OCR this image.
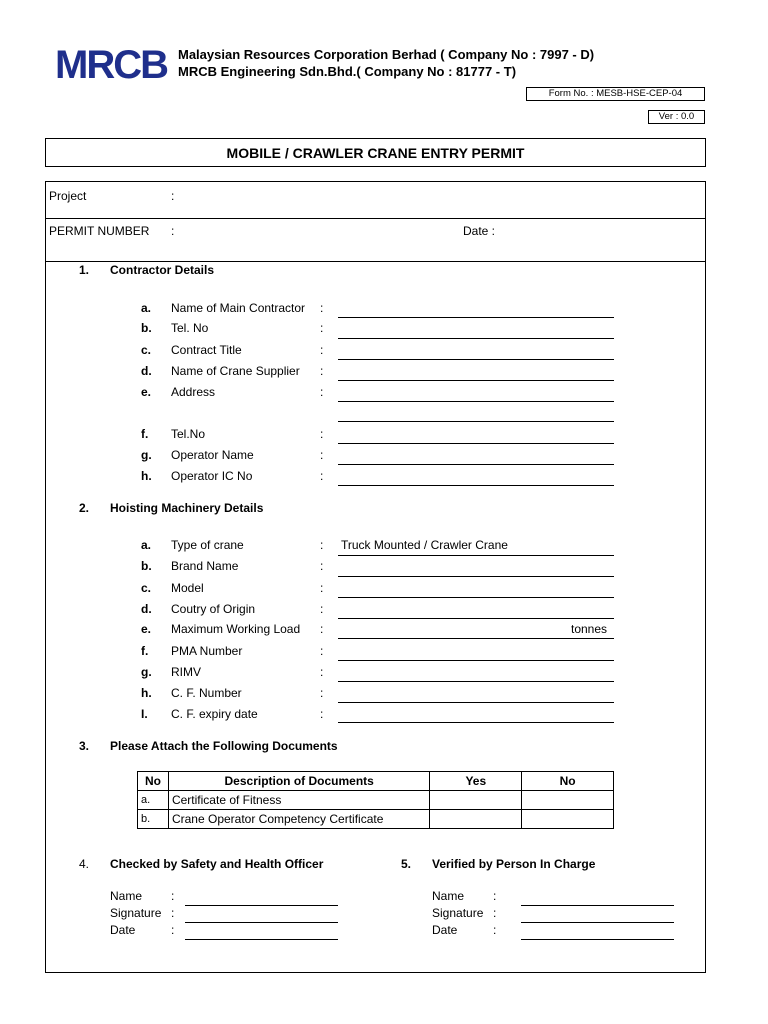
MRCB Malaysian Resources Corporation Berhad ( Company No : 7997 - D)
MRCB Engineering Sdn.Bhd.( Company No : 81777 - T)
Form No. : MESB-HSE-CEP-04
Ver : 0.0
MOBILE / CRAWLER CRANE ENTRY PERMIT
Project	:
PERMIT NUMBER :	Date :
1. Contractor Details
a. Name of Main Contractor	:
b. Tel. No	:
c. Contract Title	:
d. Name of Crane Supplier	:
e. Address	:
f. Tel.No	:
g. Operator Name	:
h. Operator IC No	:
2. Hoisting Machinery Details
a. Type of crane	: Truck Mounted / Crawler Crane
b. Brand Name	:
c. Model	:
d. Coutry of Origin	:
e. Maximum Working Load	:	tonnes
f. PMA Number	:
g. RIMV	:
h. C. F. Number	:
I. C. F. expiry date	:
3. Please Attach the Following Documents
No	Description of Documents	Yes	No
a.	Certificate of Fitness		
b.	Crane Operator Competency Certificate		
4. Checked by Safety and Health Officer
Name :
Signature :
Date	:
5. Verified by Person In Charge
Name :
Signature :
Date	:
